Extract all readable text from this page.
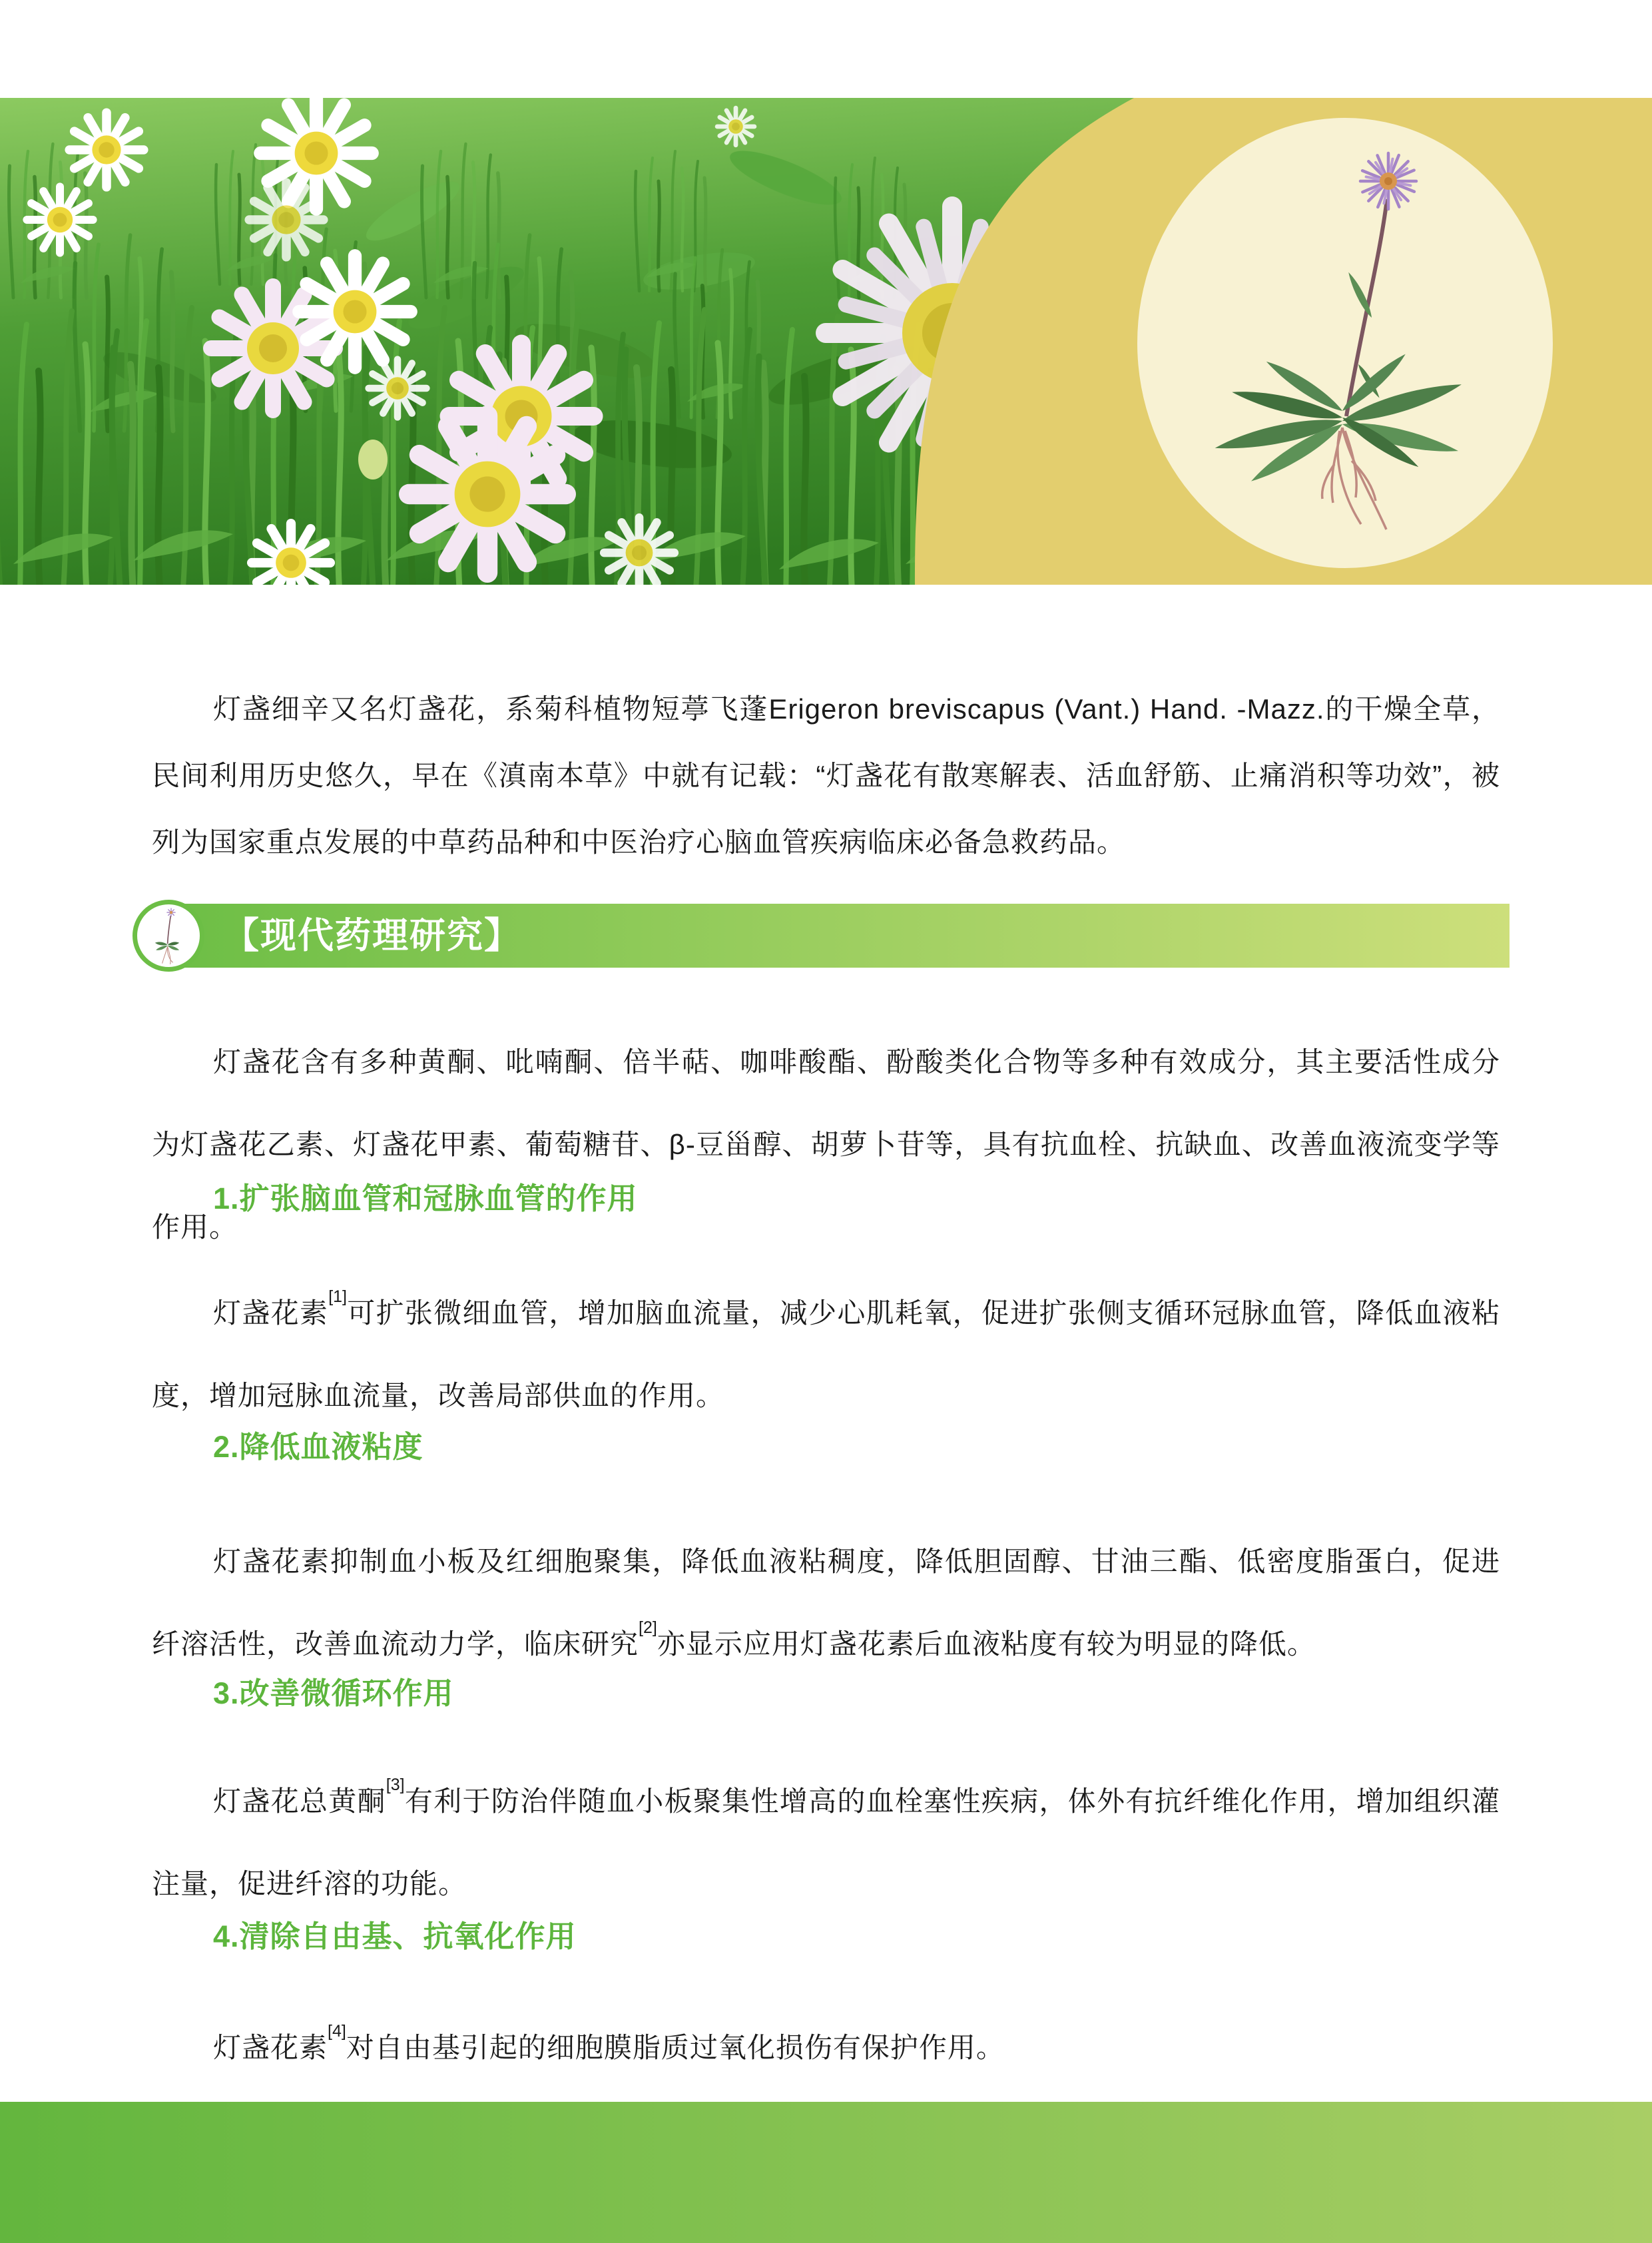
灯盏细辛又名灯盏花，系菊科植物短葶飞蓬Erigeron breviscapus (Vant.) Hand. -Mazz.的干燥全草，民间利用历史悠久，早在《滇南本草》中就有记载：“灯盏花有散寒解表、活血舒筋、止痛消积等功效”，被列为国家重点发展的中草药品种和中医治疗心脑血管疾病临床必备急救药品。

【现代药理研究】

灯盏花含有多种黄酮、吡喃酮、倍半萜、咖啡酸酯、酚酸类化合物等多种有效成分，其主要活性成分为灯盏花乙素、灯盏花甲素、葡萄糖苷、β-豆甾醇、胡萝卜苷等，具有抗血栓、抗缺血、改善血液流变学等作用。

1.扩张脑血管和冠脉血管的作用

灯盏花素[1]可扩张微细血管，增加脑血流量，减少心肌耗氧，促进扩张侧支循环冠脉血管，降低血液粘度，增加冠脉血流量，改善局部供血的作用。

2.降低血液粘度

灯盏花素抑制血小板及红细胞聚集，降低血液粘稠度，降低胆固醇、甘油三酯、低密度脂蛋白，促进纤溶活性，改善血流动力学，临床研究[2]亦显示应用灯盏花素后血液粘度有较为明显的降低。

3.改善微循环作用

灯盏花总黄酮[3]有利于防治伴随血小板聚集性增高的血栓塞性疾病，体外有抗纤维化作用，增加组织灌注量，促进纤溶的功能。

4.清除自由基、抗氧化作用

灯盏花素[4]对自由基引起的细胞膜脂质过氧化损伤有保护作用。
